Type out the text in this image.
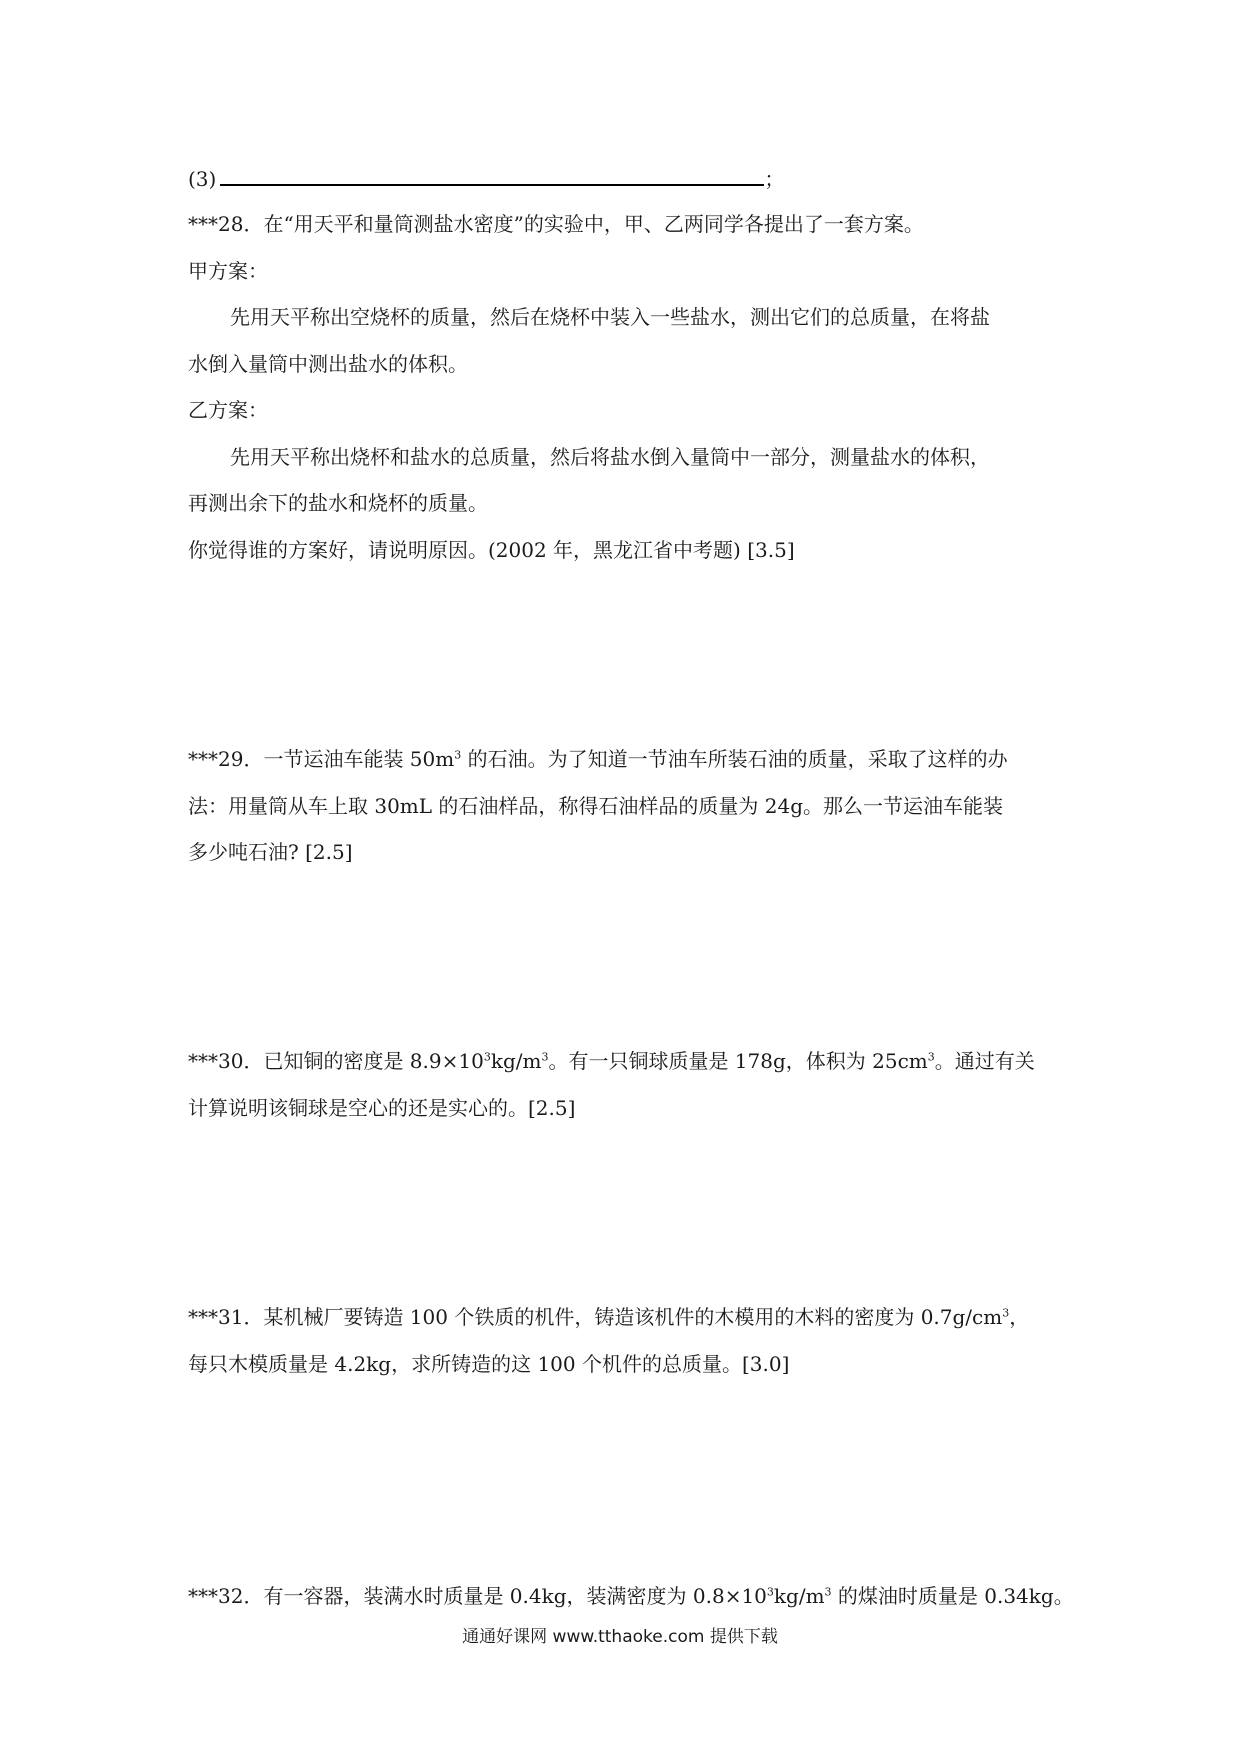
(3)	；
***28．在“用天平和量筒测盐水密度”的实验中，甲、乙两同学各提出了一套方案。
甲方案：
先用天平称出空烧杯的质量，然后在烧杯中装入一些盐水，测出它们的总质量，在将盐
水倒入量筒中测出盐水的体积。
乙方案：
先用天平称出烧杯和盐水的总质量，然后将盐水倒入量筒中一部分，测量盐水的体积，
再测出余下的盐水和烧杯的质量。
你觉得谁的方案好，请说明原因。(2002 年，黑龙江省中考题) [3.5]
***29．一节运油车能装 $50m^3$ 的石油。为了知道一节油车所装石油的质量，采取了这样的办
法：用量筒从车上取 30mL 的石油样品，称得石油样品的质量为 24g。那么一节运油车能装
多少吨石油? [2.5]
***30．已知铜的密度是 $8.9\times 10^3kg/m^3$。有一只铜球质量是 178g，体积为 $25cm^3$。通过有关
计算说明该铜球是空心的还是实心的。[2.5]
***31．某机械厂要铸造 100 个铁质的机件，铸造该机件的木模用的木料的密度为 $0.7g/cm^3$，
每只木模质量是 4.2kg，求所铸造的这 100 个机件的总质量。[3.0]
***32．有一容器，装满水时质量是 0.4kg，装满密度为 $0.8\times 10^3kg/m^3$ 的煤油时质量是 0.34kg。
通通好课网 www.tthaoke.com 提供下载
